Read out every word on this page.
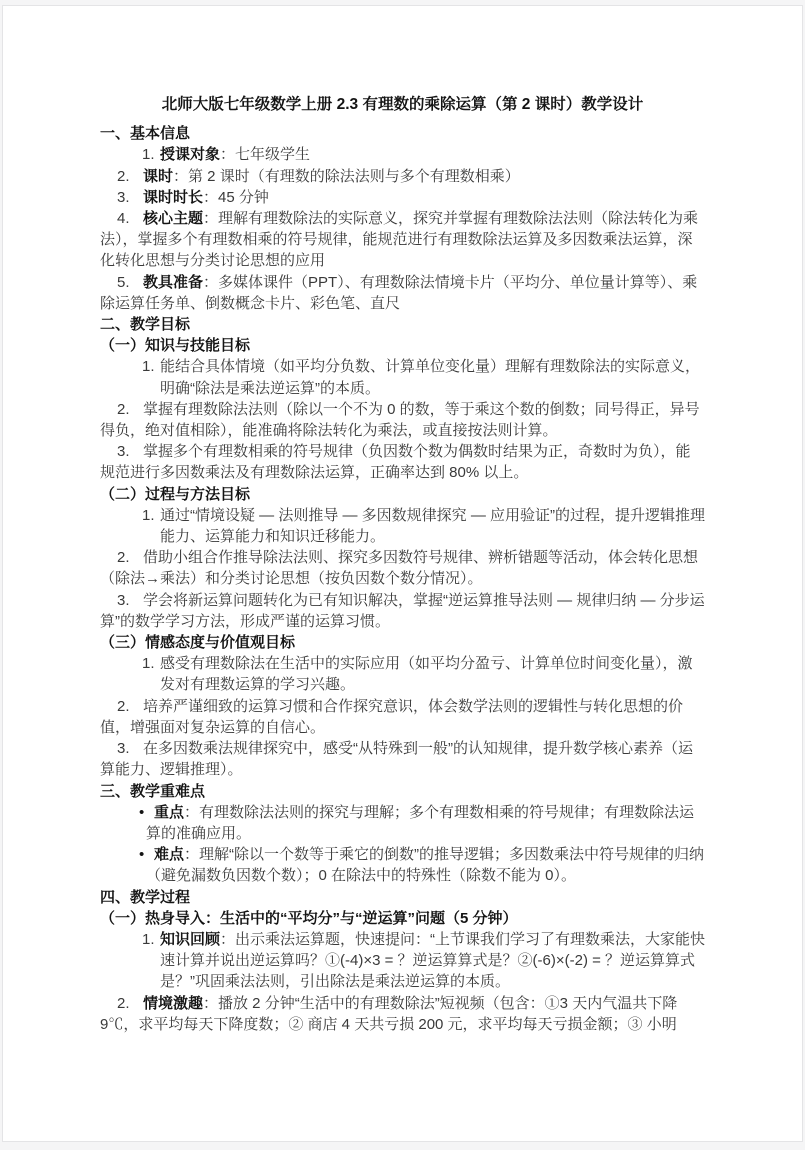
北师大版七年级数学上册 2.3 有理数的乘除运算（第 2 课时）教学设计

一、基本信息

1. 授课对象：七年级学生

2. 课时：第 2 课时（有理数的除法法则与多个有理数相乘）

3. 课时时长：45 分钟

4. 核心主题：理解有理数除法的实际意义，探究并掌握有理数除法法则（除法转化为乘法），掌握多个有理数相乘的符号规律，能规范进行有理数除法运算及多因数乘法运算，深化转化思想与分类讨论思想的应用

5. 教具准备：多媒体课件（PPT）、有理数除法情境卡片（平均分、单位量计算等）、乘除运算任务单、倒数概念卡片、彩色笔、直尺

二、教学目标

（一）知识与技能目标

1. 能结合具体情境（如平均分负数、计算单位变化量）理解有理数除法的实际意义，明确“除法是乘法逆运算”的本质。

2. 掌握有理数除法法则（除以一个不为 0 的数，等于乘这个数的倒数；同号得正，异号得负，绝对值相除），能准确将除法转化为乘法，或直接按法则计算。

3. 掌握多个有理数相乘的符号规律（负因数个数为偶数时结果为正，奇数时为负），能规范进行多因数乘法及有理数除法运算，正确率达到 80% 以上。

（二）过程与方法目标

1. 通过“情境设疑 — 法则推导 — 多因数规律探究 — 应用验证”的过程，提升逻辑推理能力、运算能力和知识迁移能力。

2. 借助小组合作推导除法法则、探究多因数符号规律、辨析错题等活动，体会转化思想（除法→乘法）和分类讨论思想（按负因数个数分情况）。

3. 学会将新运算问题转化为已有知识解决，掌握“逆运算推导法则 — 规律归纳 — 分步运算”的数学学习方法，形成严谨的运算习惯。

（三）情感态度与价值观目标

1. 感受有理数除法在生活中的实际应用（如平均分盈亏、计算单位时间变化量），激发对有理数运算的学习兴趣。

2. 培养严谨细致的运算习惯和合作探究意识，体会数学法则的逻辑性与转化思想的价值，增强面对复杂运算的自信心。

3. 在多因数乘法规律探究中，感受“从特殊到一般”的认知规律，提升数学核心素养（运算能力、逻辑推理）。

三、教学重难点

• 重点：有理数除法法则的探究与理解；多个有理数相乘的符号规律；有理数除法运算的准确应用。

• 难点：理解“除以一个数等于乘它的倒数”的推导逻辑；多因数乘法中符号规律的归纳（避免漏数负因数个数）；0 在除法中的特殊性（除数不能为 0）。

四、教学过程

（一）热身导入：生活中的“平均分”与“逆运算”问题（5 分钟）

1. 知识回顾：出示乘法运算题，快速提问：“上节课我们学习了有理数乘法，大家能快速计算并说出逆运算吗？①(-4)×3 = ？逆运算算式是？②(-6)×(-2) = ？逆运算算式是？”巩固乘法法则，引出除法是乘法逆运算的本质。

2. 情境激趣：播放 2 分钟“生活中的有理数除法”短视频（包含：①3 天内气温共下降9℃，求平均每天下降度数；② 商店 4 天共亏损 200 元，求平均每天亏损金额；③ 小明
